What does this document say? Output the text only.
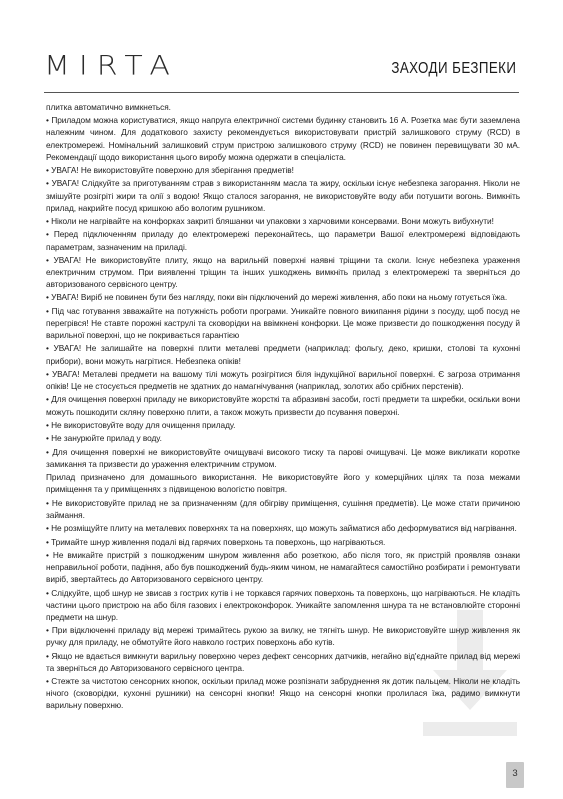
MIRTA	ЗАХОДИ БЕЗПЕКИ

плитка автоматично вимкнеться.

• Приладом можна користуватися, якщо напруга електричної системи будинку становить 16 А. Розетка має бути заземлена належним чином. Для додаткового захисту рекомендується використовувати пристрій залишкового струму (RCD) в електромережі. Номінальний залишковий струм пристрою залишкового струму (RCD) не повинен перевищувати 30 мА. Рекомендації щодо використання цього виробу можна одержати в спеціаліста.

• УВАГА! Не використовуйте поверхню для зберігання предметів!

• УВАГА! Слідкуйте за приготуванням страв з використанням масла та жиру, оскільки існує небезпека загорання. Ніколи не змішуйте розігріті жири та олії з водою! Якщо сталося загорання, не використовуйте воду аби потушити вогонь. Вимкніть прилад, накрийте посуд кришкою або вологим рушником.

• Ніколи не нагрівайте на конфорках закриті бляшанки чи упаковки з харчовими консервами. Вони можуть вибухнути!

• Перед підключенням приладу до електромережі переконайтесь, що параметри Вашої електромережі відповідають параметрам, зазначеним на приладі.

• УВАГА! Не використовуйте плиту, якщо на варильній поверхні наявні тріщини та сколи. Існує небезпека ураження електричним струмом. При виявленні тріщин та інших ушкоджень вимкніть прилад з електромережі та зверніться до авторизованого сервісного центру.

• УВАГА! Виріб не повинен бути без нагляду, поки він підключений до мережі живлення, або поки на ньому готується їжа.

• Під час готування звважайте на потужність роботи програми. Уникайте повного википання рідини з посуду, щоб посуд не перегрівся! Не ставте порожні каструлі та сковорідки на ввімкнені конфорки. Це може призвести до пошкодження посуду й варильної поверхні, що не покривається гарантією

• УВАГА! Не залишайте на поверхні плити металеві предмети (наприклад: фольгу, деко, кришки, столові та кухонні прибори), вони можуть нагрітися. Небезпека опіків!

• УВАГА! Металеві предмети на вашому тілі можуть розігрітися біля індукційної варильної поверхні. Є загроза отримання опіків! Це не стосується предметів не здатних до намагнічування (наприклад, золотих або срібних перстенів).

• Для очищення поверхні приладу не використовуйте жорсткі та абразивні засоби, гості предмети та шкребки, оскільки вони можуть пошкодити скляну поверхню плити, а також можуть призвести до псування поверхні.

• Не використовуйте воду для очищення приладу.

• Не занурюйте прилад у воду.

• Для очищення поверхні не використовуйте очищувачі високого тиску та парові очищувачі. Це може викликати коротке замикання та призвести до ураження електричним струмом.

Прилад призначено для домашнього використання. Не використовуйте його у комерційних цілях та поза межами приміщення та у приміщеннях з підвищеною вологістю повітря.

• Не використовуйте прилад не за призначенням (для обігріву приміщення, сушіння предметів). Це може стати причиною займання.

• Не розміщуйте плиту на металевих поверхнях та на поверхнях, що можуть займатися або деформуватися від нагрівання.

• Тримайте шнур живлення подалі від гарячих поверхонь та поверхонь, що нагріваються.

• Не вмикайте пристрій з пошкодженим шнуром живлення або розеткою, або після того, як пристрій проявляв ознаки неправильної роботи, падіння, або був пошкоджений будь-яким чином, не намагайтеся самостійно розбирати і ремонтувати виріб, звертайтесь до Авторизованого сервісного центру.

• Слідкуйте, щоб шнур не звисав з гострих кутів і не торкався гарячих поверхонь та поверхонь, що нагріваються. Не кладіть частини цього пристрою на або біля газових і електроконфорок. Уникайте запомлення шнура та не встановлюйте сторонні предмети на шнур.

• При відключенні приладу від мережі тримайтесь рукою за вилку, не тягніть шнур. Не використовуйте шнур живлення як ручку для приладу, не обмотуйте його навколо гострих поверхонь або кутів.

• Якщо не вдається вимкнути варильну поверхню через дефект сенсорних датчиків, негайно від'єднайте прилад від мережі та зверніться до Авторизованого сервісного центра.

• Стежте за чистотою сенсорних кнопок, оскільки прилад може розпізнати забруднення як дотик пальцем. Ніколи не кладіть нічого (сковорідки, кухонні рушники) на сенсорні кнопки! Якщо на сенсорні кнопки пролилася їжа, радимо вимкнути варильну поверхню.

3
